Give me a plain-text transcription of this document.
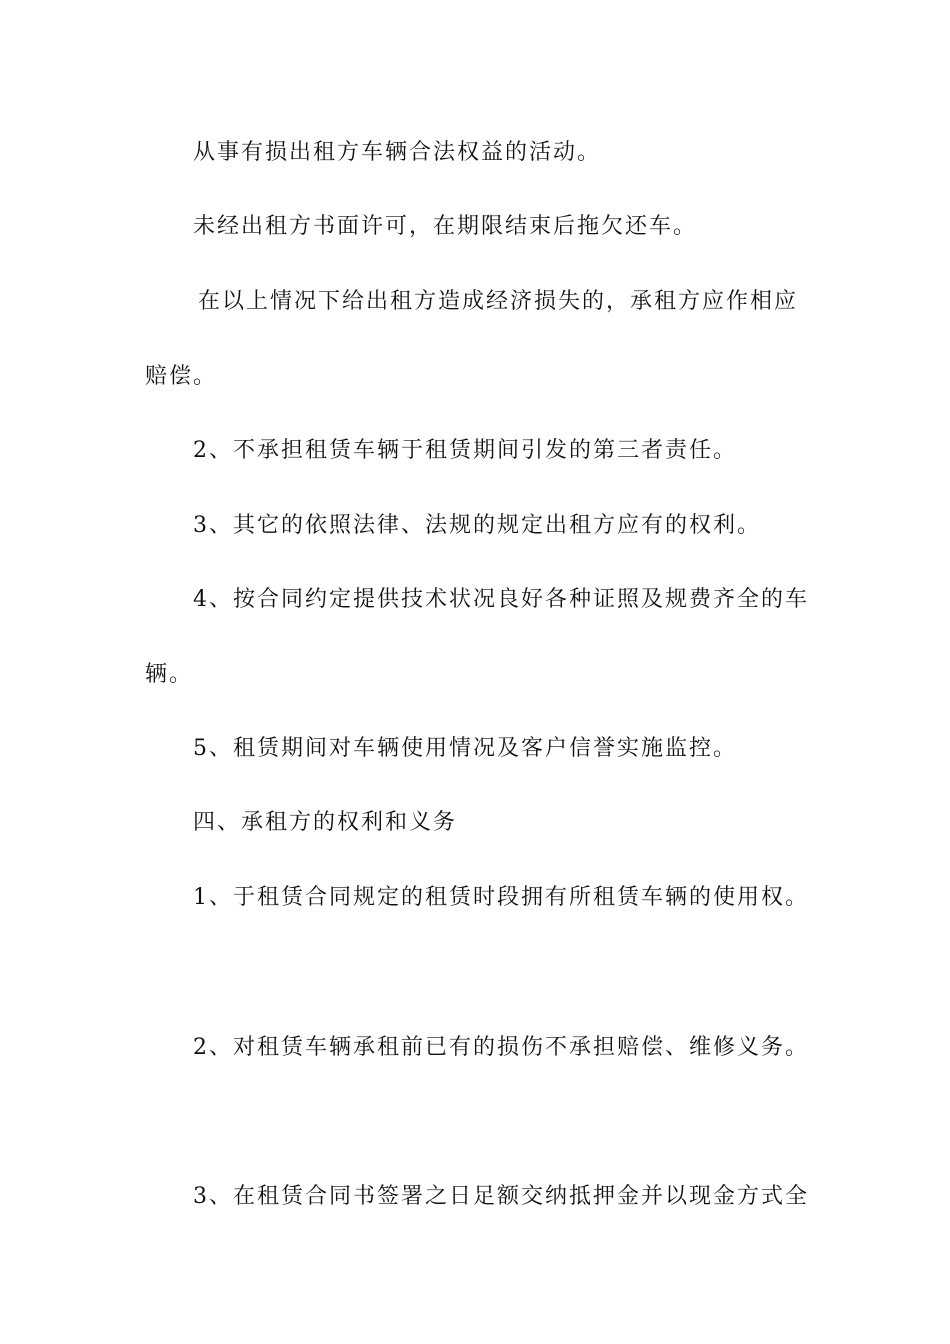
从事有损出租方车辆合法权益的活动。
未经出租方书面许可，在期限结束后拖欠还车。
在以上情况下给出租方造成经济损失的，承租方应作相应
赔偿。
2、不承担租赁车辆于租赁期间引发的第三者责任。
3、其它的依照法律、法规的规定出租方应有的权利。
4、按合同约定提供技术状况良好各种证照及规费齐全的车
辆。
5、租赁期间对车辆使用情况及客户信誉实施监控。
四、承租方的权利和义务
1、于租赁合同规定的租赁时段拥有所租赁车辆的使用权。
2、对租赁车辆承租前已有的损伤不承担赔偿、维修义务。
3、在租赁合同书签署之日足额交纳抵押金并以现金方式全
